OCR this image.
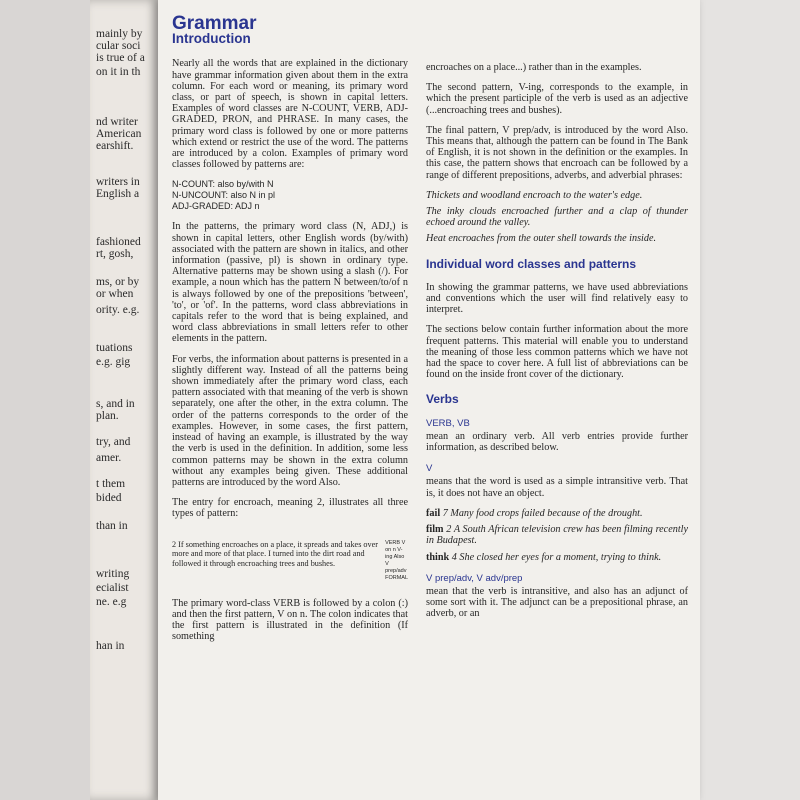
mainly by
cular soci
is true of a
on it in th
nd writer
American
earshift.
writers in
English a
fashioned
rt, gosh,
ms, or by
or when
ority. e.g.
tuations
e.g. gig
s, and in
plan.
try, and
amer.
t them
bided
than in
writing
ecialist
ne. e.g
han in
Grammar
Introduction

Nearly all the words that are explained in the dictionary have grammar information given about them in the extra column. For each word or meaning, its primary word class, or part of speech, is shown in capital letters. Examples of word classes are N-COUNT, VERB, ADJ-GRADED, PRON, and PHRASE. In many cases, the primary word class is followed by one or more patterns which extend or restrict the use of the word. The patterns are introduced by a colon. Examples of primary word classes followed by patterns are:

N-COUNT: also by/with N
N-UNCOUNT: also N in pl
ADJ-GRADED: ADJ n

In the patterns, the primary word class (N, ADJ,) is shown in capital letters, other English words (by/with) associated with the pattern are shown in italics, and other information (passive, pl) is shown in ordinary type. Alternative patterns may be shown using a slash (/). For example, a noun which has the pattern N between/to/of n is always followed by one of the prepositions 'between', 'to', or 'of'. In the patterns, word class abbreviations in capitals refer to the word that is being explained, and word class abbreviations in small letters refer to other elements in the pattern.

For verbs, the information about patterns is presented in a slightly different way. Instead of all the patterns being shown immediately after the primary word class, each pattern associated with that meaning of the verb is shown separately, one after the other, in the extra column. The order of the patterns corresponds to the order of the examples. However, in some cases, the first pattern, instead of having an example, is illustrated by the way the verb is used in the definition. In addition, some less common patterns may be shown in the extra column without any examples being given. These additional patterns are introduced by the word Also.

The entry for encroach, meaning 2, illustrates all three types of pattern:

2 If something encroaches on a place, it spreads and takes over more and more of that place. I turned into the dirt road and followed it through encroaching trees and bushes.
VERB V on n V-ing Also V prep/adv FORMAL

The primary word-class VERB is followed by a colon (:) and then the first pattern, V on n. The colon indicates that the first pattern is illustrated in the definition (If something

encroaches on a place...) rather than in the examples.

The second pattern, V-ing, corresponds to the example, in which the present participle of the verb is used as an adjective (...encroaching trees and bushes).

The final pattern, V prep/adv, is introduced by the word Also. This means that, although the pattern can be found in The Bank of English, it is not shown in the definition or the examples. In this case, the pattern shows that encroach can be followed by a range of different prepositions, adverbs, and adverbial phrases:

Thickets and woodland encroach to the water's edge.

The inky clouds encroached further and a clap of thunder echoed around the valley.

Heat encroaches from the outer shell towards the inside.

Individual word classes and patterns

In showing the grammar patterns, we have used abbreviations and conventions which the user will find relatively easy to interpret.

The sections below contain further information about the more frequent patterns. This material will enable you to understand the meaning of those less common patterns which we have not had the space to cover here. A full list of abbreviations can be found on the inside front cover of the dictionary.

Verbs
VERB, VB

mean an ordinary verb. All verb entries provide further information, as described below.

V

means that the word is used as a simple intransitive verb. That is, it does not have an object.

fail 7 Many food crops failed because of the drought.

film 2 A South African television crew has been filming recently in Budapest.

think 4 She closed her eyes for a moment, trying to think.

V prep/adv, V adv/prep

mean that the verb is intransitive, and also has an adjunct of some sort with it. The adjunct can be a prepositional phrase, an adverb, or an
